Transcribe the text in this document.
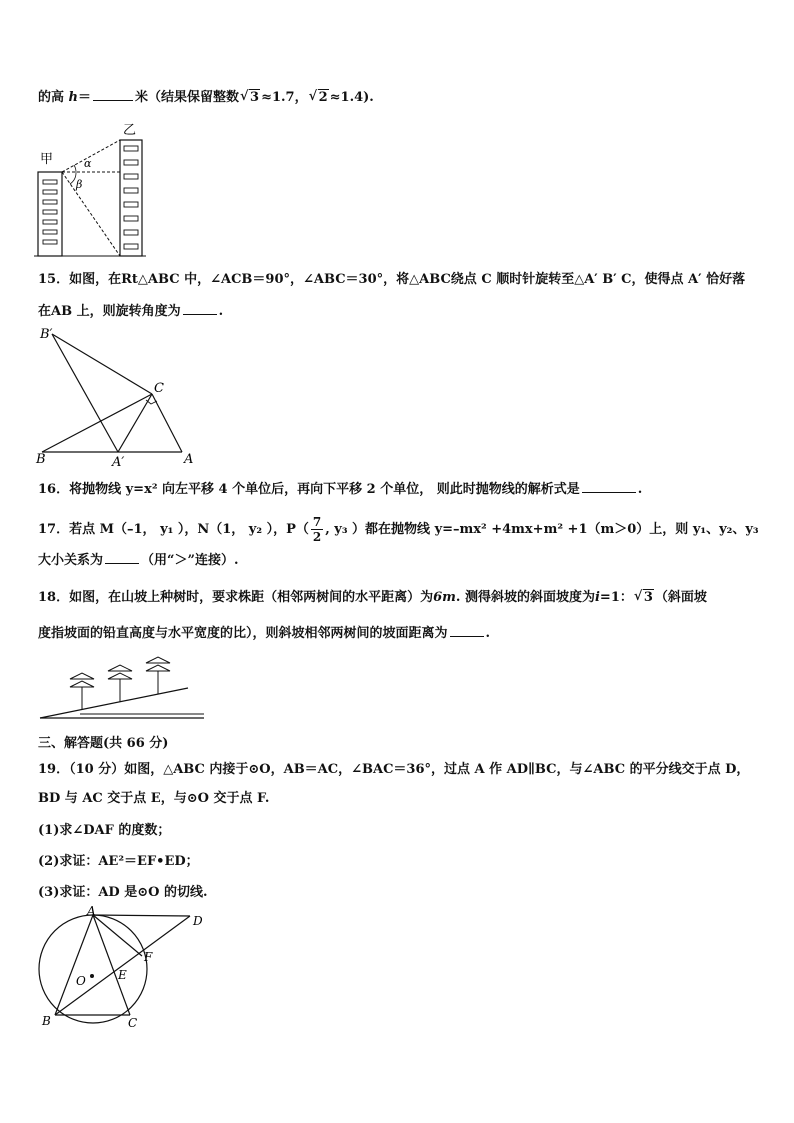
的高 h＝	米（结果保留整数 √ 3 ≈1.7， √ 2 ≈1.4).
甲
乙
α
β
15．如图，在Rt△ABC 中，∠ACB＝90°，∠ABC＝30°，将△ABC绕点 C 顺时针旋转至△A′ B′ C，使得点 A′ 恰好落
在AB 上，则旋转角度为	.
B′
C
B	A′	A
16．将抛物线 y=x² 向左平移 4 个单位后，再向下平移 2 个单位， 则此时抛物线的解析式是	.
17．若点 M（–1， y₁ ），N（1， y₂ ），$P( \frac{7}{2}$ , y₃ ）都在抛物线 y=–mx² +4mx+m² +1（m＞0）上，则 y₁、y₂、y₃
大小关系为	（用“＞”连接）.
18．如图，在山坡上种树时，要求株距（相邻两树间的水平距离）为6m. 测得斜坡的斜面坡度为i=1： √ 3 （斜面坡
度指坡面的铅直高度与水平宽度的比），则斜坡相邻两树间的坡面距离为	.
三、解答题(共 66 分)
19．（10 分）如图，△ABC 内接于⊙O，AB＝AC，∠BAC＝36°，过点 A 作 AD∥BC，与∠ABC 的平分线交于点 D，
BD 与 AC 交于点 E，与⊙O 交于点 F.
(1)求∠DAF 的度数；
(2)求证：AE²＝EF•ED；
(3)求证：AD 是⊙O 的切线.
A
D
F
O	E
B	C
